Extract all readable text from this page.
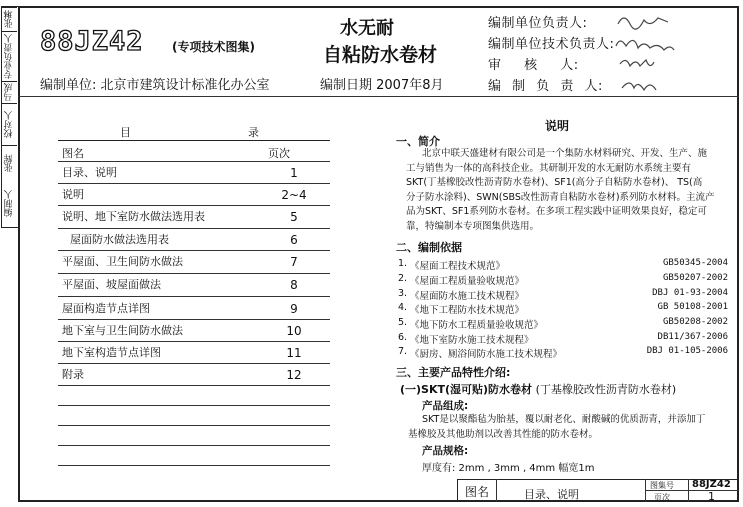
张琳
专业负责人
马成
校对人
张辉
编制人
88JZ42 (专项技术图集)
水无耐
自粘防水卷材
编制单位: 北京市建筑设计标准化办公室	编制日期 2007年8月
编制单位负责人:
编制单位技术负责人:
审 核 人:
编 制 负 责 人:
目	录
图名	页次
目录、说明	1
说明	2~4
说明、地下室防水做法选用表	5
屋面防水做法选用表	6
平屋面、卫生间防水做法	7
平屋面、坡屋面做法	8
屋面构造节点详图	9
地下室与卫生间防水做法	10
地下室构造节点详图	11
附录	12
说明
一、简介
北京中联天盛建材有限公司是一个集防水材料研究、开发、生产、施
工与销售为一体的高科技企业。其研制开发的水无耐防水系统主要有
SKT(丁基橡胶改性沥青防水卷材)、SF1(高分子自粘防水卷材)、 TS(高
分子防水涂料)、SWN(SBS改性沥青自粘防水卷材)系列防水材料。主流产
品为SKT、SF1系列防水卷材。在多项工程实践中证明效果良好，稳定可
靠，特编制本专项图集供选用。
二、编制依据
1. 《屋面工程技术规范》	GB50345-2004
2. 《屋面工程质量验收规范》	GB50207-2002
3. 《屋面防水施工技术规程》	DBJ 01-93-2004
4. 《地下工程防水技术规范》	GB 50108-2001
5. 《地下防水工程质量验收规范》	GB50208-2002
6. 《地下室防水施工技术规程》	DB11/367-2006
7. 《厨房、厕浴间防水施工技术规程》	DBJ 01-105-2006
三、主要产品特性介绍:
(一)SKT(湿可贴)防水卷材 (丁基橡胶改性沥青防水卷材)
产品组成:
SKT是以聚酯毡为胎基，覆以耐老化、耐酸碱的优质沥青，并添加丁
基橡胶及其他助剂以改善其性能的防水卷材。
产品规格:
厚度有: 2mm , 3mm , 4mm 幅宽1m
图名	目录、说明
图集号 88JZ42
页次	1
